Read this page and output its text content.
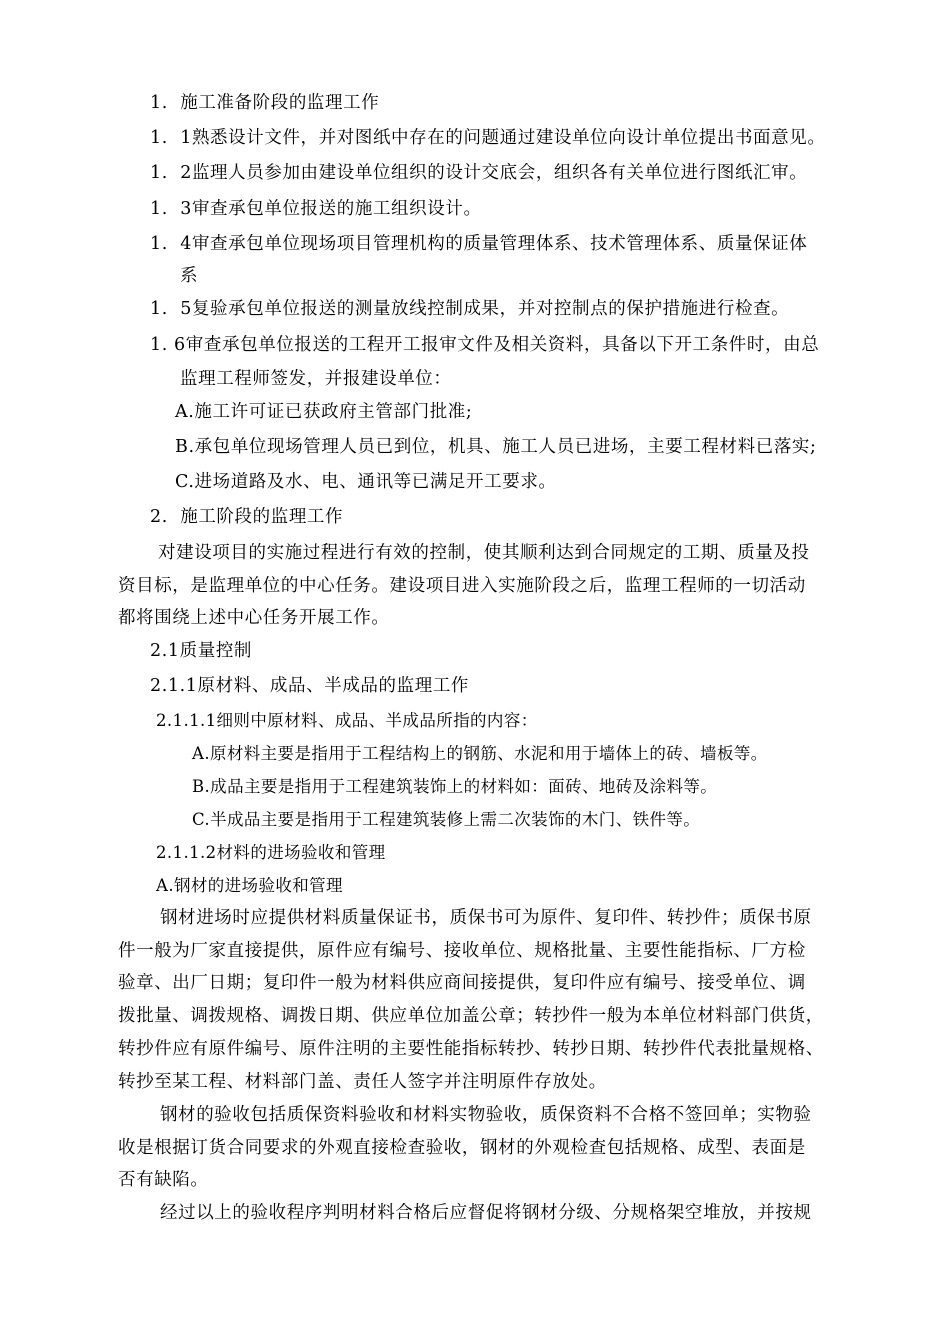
1.  施工准备阶段的监理工作
1.  1熟悉设计文件，并对图纸中存在的问题通过建设单位向设计单位提出书面意见。
1.  2监理人员参加由建设单位组织的设计交底会，组织各有关单位进行图纸汇审。
1.  3审查承包单位报送的施工组织设计。
1.  4审查承包单位现场项目管理机构的质量管理体系、技术管理体系、质量保证体
系
1.  5复验承包单位报送的测量放线控制成果，并对控制点的保护措施进行检查。
1. 6审查承包单位报送的工程开工报审文件及相关资料，具备以下开工条件时，由总
监理工程师签发，并报建设单位：
A.施工许可证已获政府主管部门批准;
B.承包单位现场管理人员已到位，机具、施工人员已进场，主要工程材料已落实;
C.进场道路及水、电、通讯等已满足开工要求。
2.  施工阶段的监理工作
对建设项目的实施过程进行有效的控制，使其顺利达到合同规定的工期、质量及投
资目标，是监理单位的中心任务。建设项目进入实施阶段之后，监理工程师的一切活动
都将围绕上述中心任务开展工作。
2.1质量控制
2.1.1原材料、成品、半成品的监理工作
2.1.1.1细则中原材料、成品、半成品所指的内容：
A.原材料主要是指用于工程结构上的钢筋、水泥和用于墙体上的砖、墙板等。
B.成品主要是指用于工程建筑装饰上的材料如：面砖、地砖及涂料等。
C.半成品主要是指用于工程建筑装修上需二次装饰的木门、铁件等。
2.1.1.2材料的进场验收和管理
A.钢材的进场验收和管理
钢材进场时应提供材料质量保证书，质保书可为原件、复印件、转抄件；质保书原
件一般为厂家直接提供，原件应有编号、接收单位、规格批量、主要性能指标、厂方检
验章、出厂日期；复印件一般为材料供应商间接提供，复印件应有编号、接受单位、调
拨批量、调拨规格、调拨日期、供应单位加盖公章；转抄件一般为本单位材料部门供货，
转抄件应有原件编号、原件注明的主要性能指标转抄、转抄日期、转抄件代表批量规格、
转抄至某工程、材料部门盖、责任人签字并注明原件存放处。
钢材的验收包括质保资料验收和材料实物验收，质保资料不合格不签回单；实物验
收是根据订货合同要求的外观直接检查验收，钢材的外观检查包括规格、成型、表面是
否有缺陷。
经过以上的验收程序判明材料合格后应督促将钢材分级、分规格架空堆放，并按规
